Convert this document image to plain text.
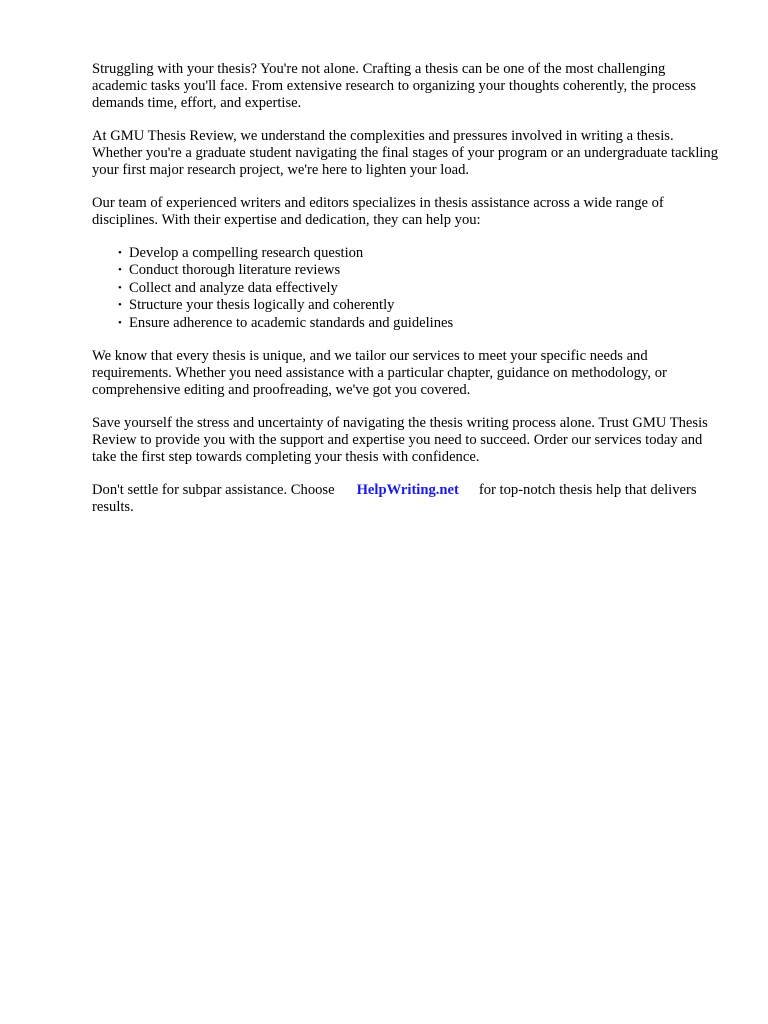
Struggling with your thesis? You're not alone. Crafting a thesis can be one of the most challenging academic tasks you'll face. From extensive research to organizing your thoughts coherently, the process demands time, effort, and expertise.

At GMU Thesis Review, we understand the complexities and pressures involved in writing a thesis. Whether you're a graduate student navigating the final stages of your program or an undergraduate tackling your first major research project, we're here to lighten your load.

Our team of experienced writers and editors specializes in thesis assistance across a wide range of disciplines. With their expertise and dedication, they can help you:

• Develop a compelling research question
• Conduct thorough literature reviews
• Collect and analyze data effectively
• Structure your thesis logically and coherently
• Ensure adherence to academic standards and guidelines

We know that every thesis is unique, and we tailor our services to meet your specific needs and requirements. Whether you need assistance with a particular chapter, guidance on methodology, or comprehensive editing and proofreading, we've got you covered.

Save yourself the stress and uncertainty of navigating the thesis writing process alone. Trust GMU Thesis Review to provide you with the support and expertise you need to succeed. Order our services today and take the first step towards completing your thesis with confidence.

Don't settle for subpar assistance. Choose HelpWriting.net for top-notch thesis help that delivers results.
